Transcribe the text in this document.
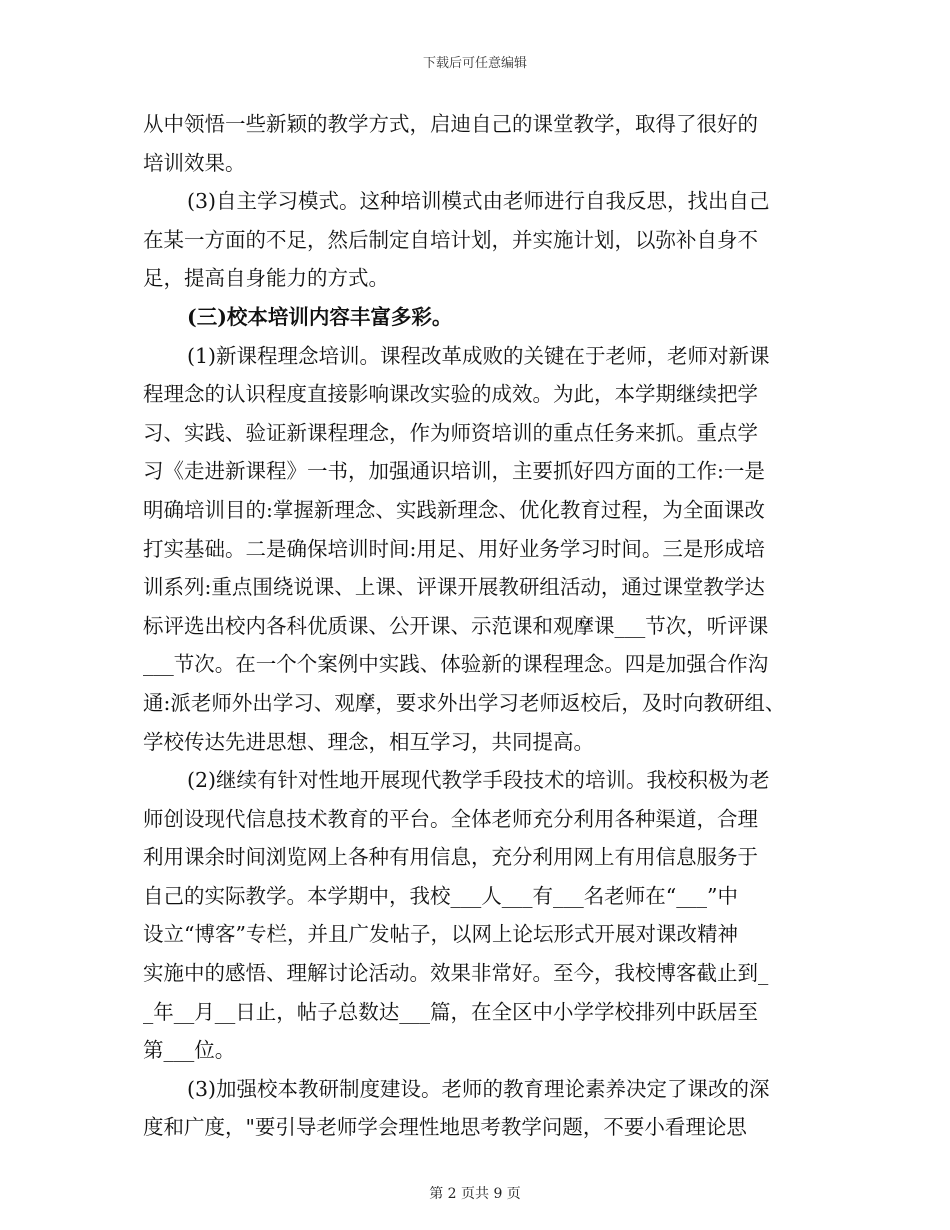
下载后可任意编辑
从中领悟一些新颖的教学方式，启迪自己的课堂教学，取得了很好的
培训效果。
(3)自主学习模式。这种培训模式由老师进行自我反思，找出自己
在某一方面的不足，然后制定自培计划，并实施计划，以弥补自身不
足，提高自身能力的方式。
(三)校本培训内容丰富多彩。
(1)新课程理念培训。课程改革成败的关键在于老师，老师对新课
程理念的认识程度直接影响课改实验的成效。为此，本学期继续把学
习、实践、验证新课程理念，作为师资培训的重点任务来抓。重点学
习《走进新课程》一书，加强通识培训，主要抓好四方面的工作:一是
明确培训目的:掌握新理念、实践新理念、优化教育过程，为全面课改
打实基础。二是确保培训时间:用足、用好业务学习时间。三是形成培
训系列:重点围绕说课、上课、评课开展教研组活动，通过课堂教学达
标评选出校内各科优质课、公开课、示范课和观摩课___节次，听评课
___节次。在一个个案例中实践、体验新的课程理念。四是加强合作沟
通:派老师外出学习、观摩，要求外出学习老师返校后，及时向教研组、
学校传达先进思想、理念，相互学习，共同提高。
(2)继续有针对性地开展现代教学手段技术的培训。我校积极为老
师创设现代信息技术教育的平台。全体老师充分利用各种渠道，合理
利用课余时间浏览网上各种有用信息，充分利用网上有用信息服务于
自己的实际教学。本学期中，我校___人___有___名老师在“___”中
设立“博客”专栏，并且广发帖子，以网上论坛形式开展对课改精神
实施中的感悟、理解讨论活动。效果非常好。至今，我校博客截止到_
_年__月__日止，帖子总数达___篇，在全区中小学学校排列中跃居至
第___位。
(3)加强校本教研制度建设。老师的教育理论素养决定了课改的深
度和广度，"要引导老师学会理性地思考教学问题，不要小看理论思
第 2 页共 9 页
